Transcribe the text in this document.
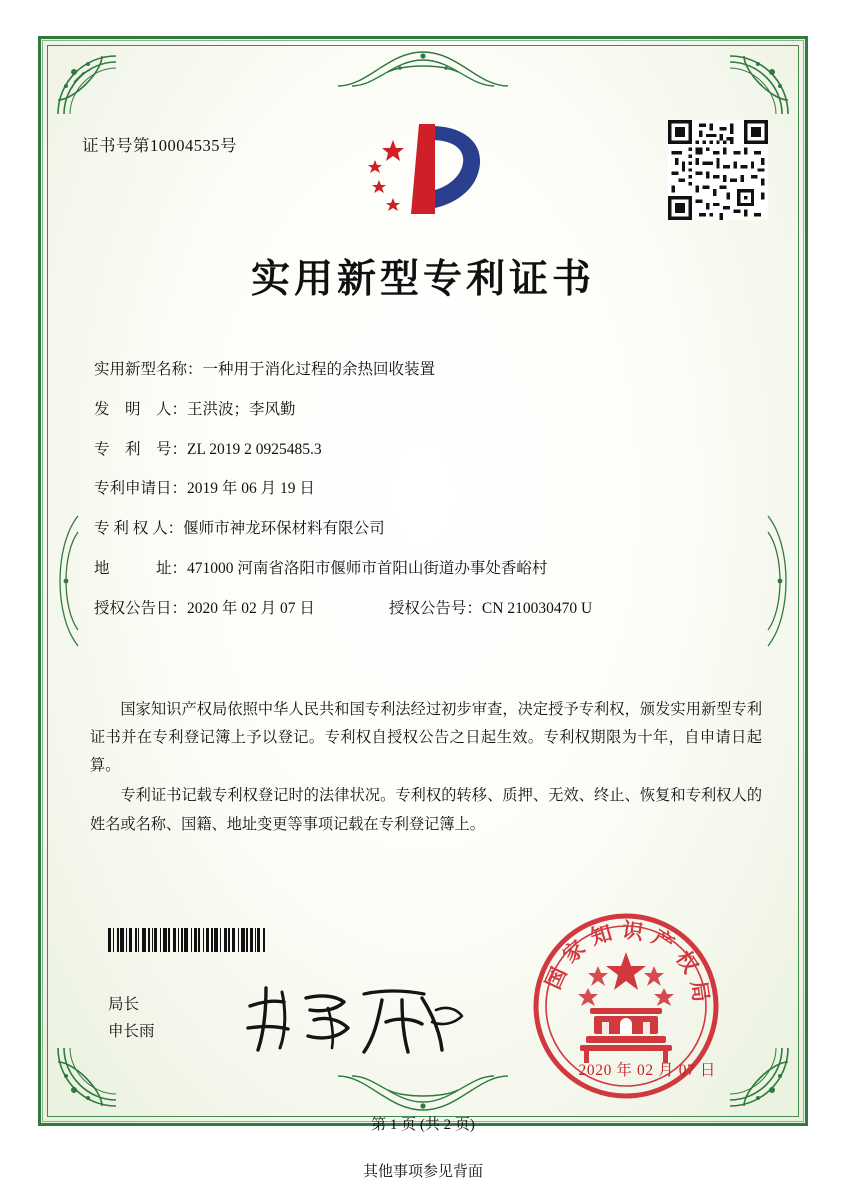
证书号第10004535号
实用新型专利证书
实用新型名称： 一种用于消化过程的余热回收装置
发　明　人： 王洪波；李风勤
专　利　号： ZL 2019 2 0925485.3
专利申请日： 2019 年 06 月 19 日
专 利 权 人： 偃师市神龙环保材料有限公司
地　　　址： 471000 河南省洛阳市偃师市首阳山街道办事处香峪村
授权公告日： 2020 年 02 月 07 日	授权公告号： CN 210030470 U

国家知识产权局依照中华人民共和国专利法经过初步审查，决定授予专利权，颁发实用新型专利证书并在专利登记簿上予以登记。专利权自授权公告之日起生效。专利权期限为十年，自申请日起算。

专利证书记载专利权登记时的法律状况。专利权的转移、质押、无效、终止、恢复和专利权人的姓名或名称、国籍、地址变更等事项记载在专利登记簿上。

局长
申长雨
国家知识产权局
2020 年 02 月 07 日
第 1 页 (共 2 页)
其他事项参见背面
